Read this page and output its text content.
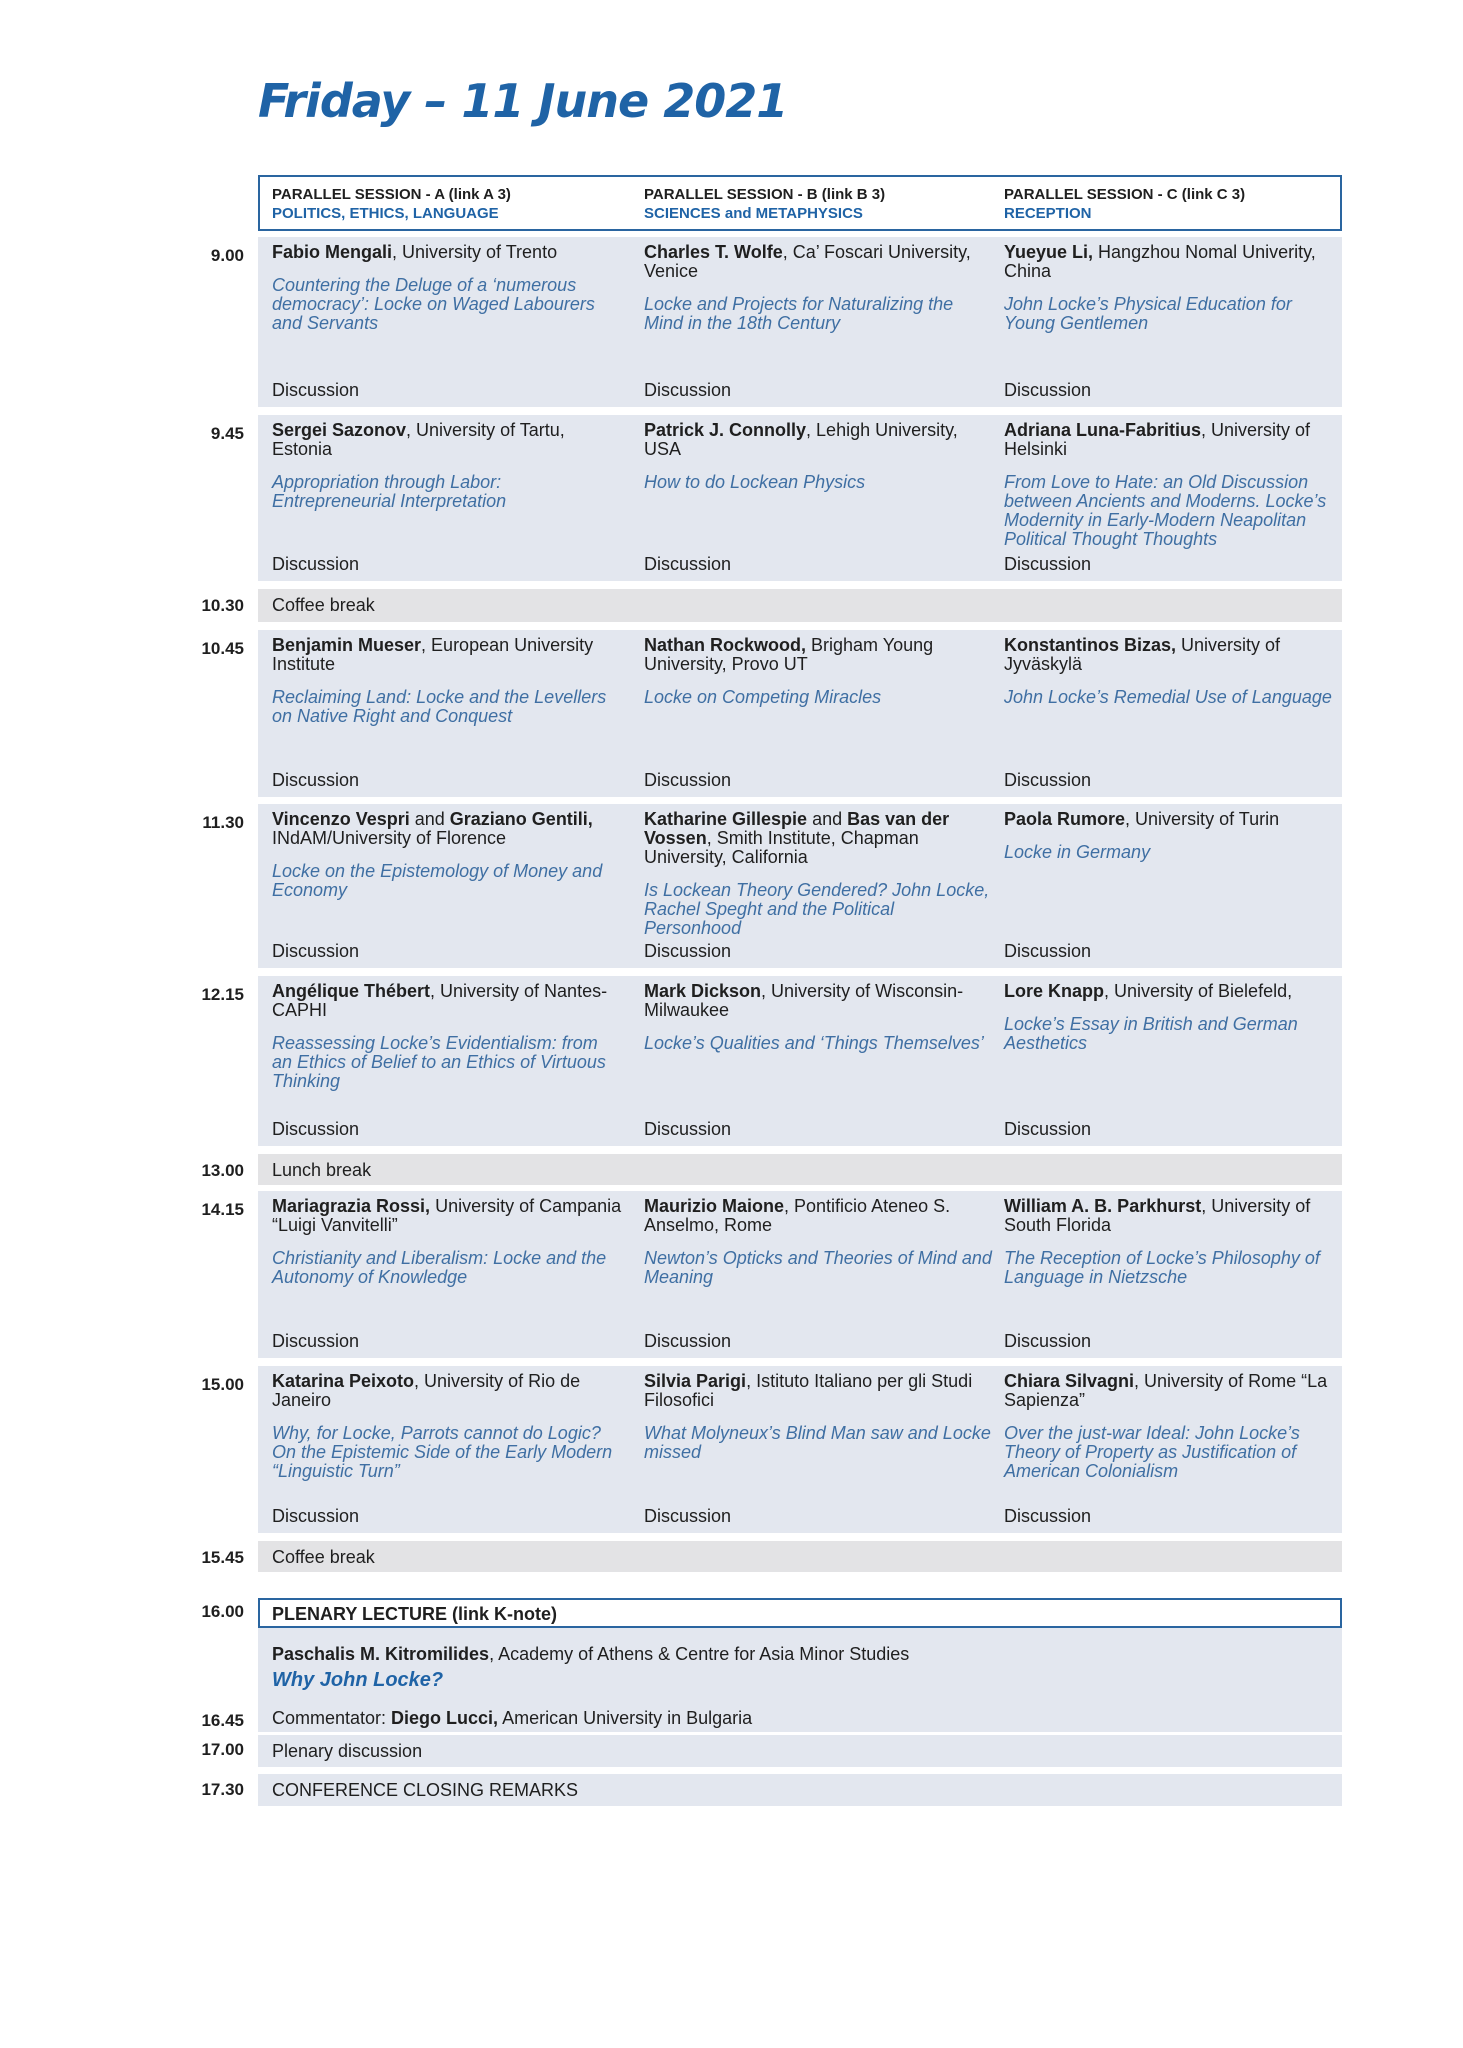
Friday – 11 June 2021
PARALLEL SESSION - A (link A 3)
POLITICS, ETHICS, LANGUAGE
PARALLEL SESSION - B (link B 3)
SCIENCES and METAPHYSICS
PARALLEL SESSION - C (link C 3)
RECEPTION
9.00 Fabio Mengali, University of Trento
Countering the Deluge of a ‘numerous democracy’: Locke on Waged Labourers and Servants
Discussion
Charles T. Wolfe, Ca’ Foscari University, Venice
Locke and Projects for Naturalizing the Mind in the 18th Century
Discussion
Yueyue Li, Hangzhou Nomal Univerity, China
John Locke’s Physical Education for Young Gentlemen
Discussion
9.45 Sergei Sazonov, University of Tartu, Estonia
Appropriation through Labor: Entrepreneurial Interpretation
Discussion
Patrick J. Connolly, Lehigh University, USA
How to do Lockean Physics
Discussion
Adriana Luna-Fabritius, University of Helsinki
From Love to Hate: an Old Discussion between Ancients and Moderns. Locke’s Modernity in Early-Modern Neapolitan Political Thought Thoughts
Discussion
10.45 Benjamin Mueser, European University Institute
Reclaiming Land: Locke and the Levellers on Native Right and Conquest
Discussion
Nathan Rockwood, Brigham Young University, Provo UT
Locke on Competing Miracles
Discussion
Konstantinos Bizas, University of Jyväskylä
John Locke’s Remedial Use of Language
Discussion
11.30 Vincenzo Vespri and Graziano Gentili, INdAM/University of Florence
Locke on the Epistemology of Money and Economy
Discussion
Katharine Gillespie and Bas van der Vossen, Smith Institute, Chapman University, California
Is Lockean Theory Gendered? John Locke, Rachel Speght and the Political Personhood
Discussion
Paola Rumore, University of Turin
Locke in Germany
Discussion
12.15 Angélique Thébert, University of Nantes-CAPHI
Reassessing Locke’s Evidentialism: from an Ethics of Belief to an Ethics of Virtuous Thinking
Discussion
Mark Dickson, University of Wisconsin-Milwaukee
Locke’s Qualities and ‘Things Themselves’
Discussion
Lore Knapp, University of Bielefeld,
Locke’s Essay in British and German Aesthetics
Discussion
14.15 Mariagrazia Rossi, University of Campania “Luigi Vanvitelli”
Christianity and Liberalism: Locke and the Autonomy of Knowledge
Discussion
Maurizio Maione, Pontificio Ateneo S. Anselmo, Rome
Newton’s Opticks and Theories of Mind and Meaning
Discussion
William A. B. Parkhurst, University of South Florida
The Reception of Locke’s Philosophy of Language in Nietzsche
Discussion
15.00 Katarina Peixoto, University of Rio de Janeiro
Why, for Locke, Parrots cannot do Logic? On the Epistemic Side of the Early Modern “Linguistic Turn”
Discussion
Silvia Parigi, Istituto Italiano per gli Studi Filosofici
What Molyneux’s Blind Man saw and Locke missed
Discussion
Chiara Silvagni, University of Rome “La Sapienza”
Over the just-war Ideal: John Locke’s Theory of Property as Justification of American Colonialism
Discussion
10.30 Coffee break
13.00 Lunch break
15.45 Coffee break
16.00 PLENARY LECTURE (link K-note)
Paschalis M. Kitromilides, Academy of Athens & Centre for Asia Minor Studies
Why John Locke?
Commentator: Diego Lucci, American University in Bulgaria
16.45
17.00 Plenary discussion
17.30 CONFERENCE CLOSING REMARKS
